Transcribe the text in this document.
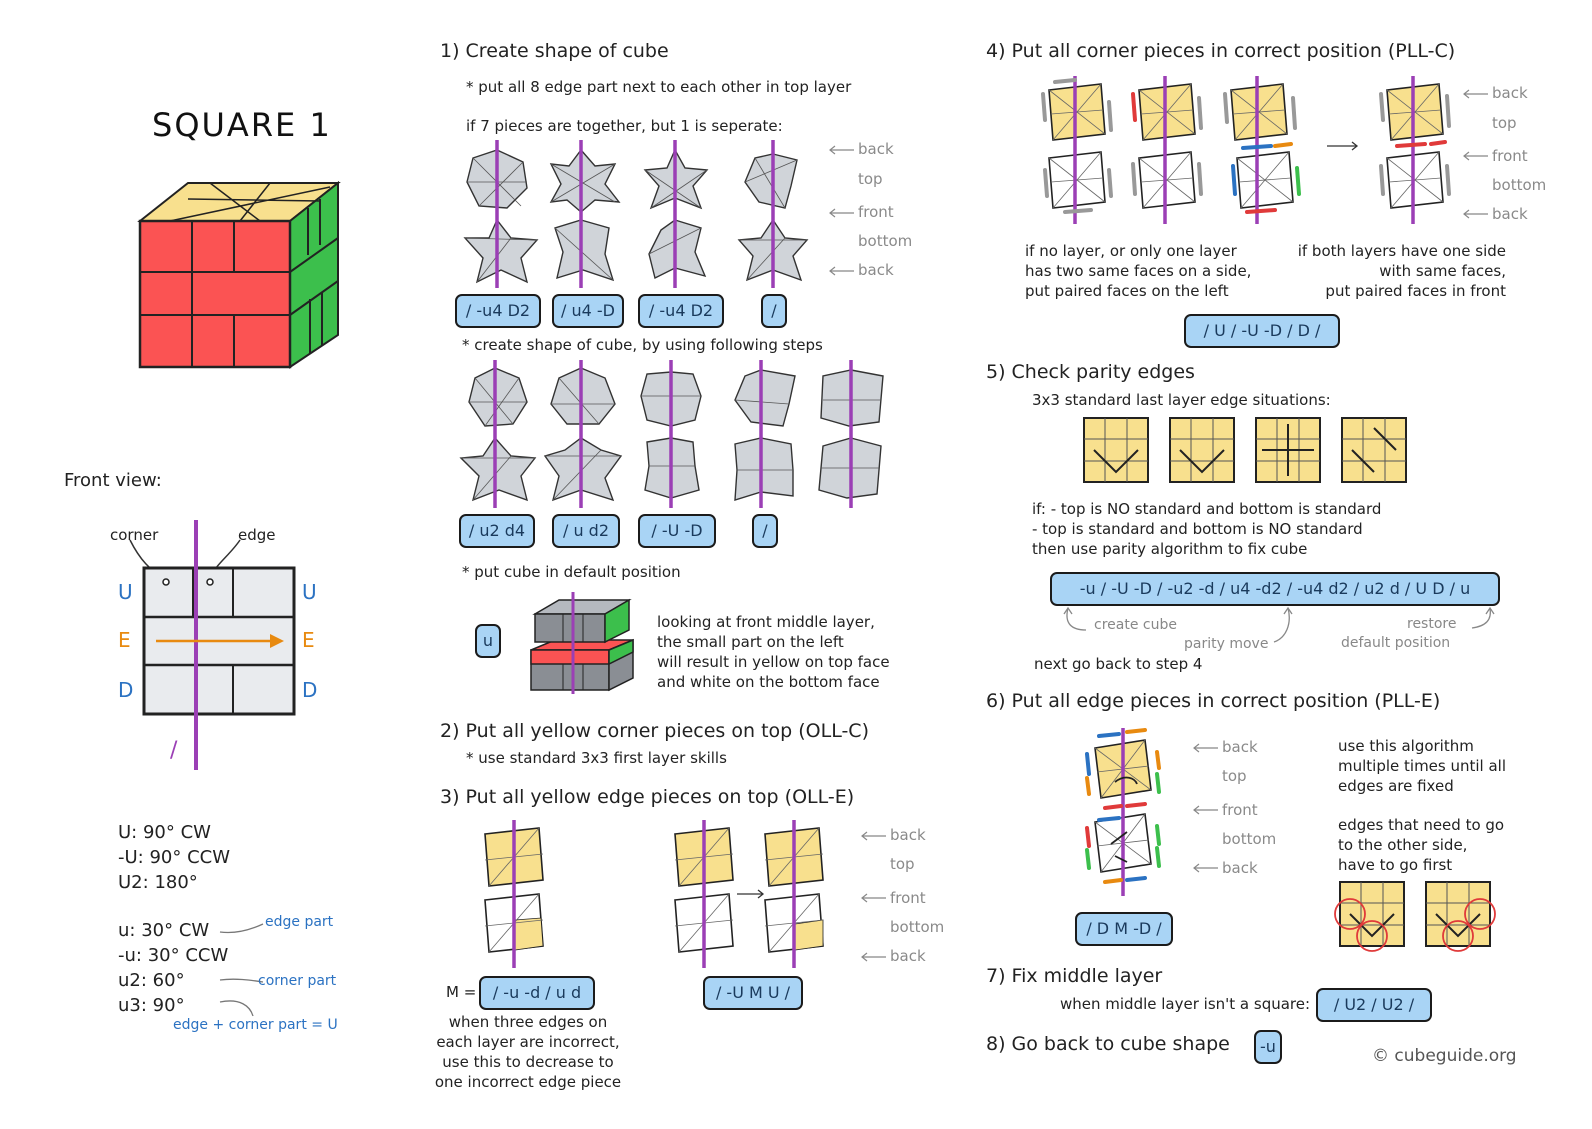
SQUARE 1
Front view:
corner	edge
U	U
E	E
D	D
/
U: 90° CW
-U: 90° CCW
U2: 180°
u: 30° CW
-u: 30° CCW
u2: 60°
u3: 90°
edge part
corner part
edge + corner part = U
1) Create shape of cube
* put all 8 edge part next to each other in top layer
if 7 pieces are together, but 1 is seperate:
back
top
front
bottom
back
/ -u4 D2	/ u4 -D	/ -u4 D2	/
* create shape of cube, by using following steps
/ u2 d4	/ u d2	/ -U -D	/
* put cube in default position
u
looking at front middle layer,
the small part on the left
will result in yellow on top face
and white on the bottom face
2) Put all yellow corner pieces on top (OLL-C)
* use standard 3x3 first layer skills
3) Put all yellow edge pieces on top (OLL-E)
back
top
front
bottom
back
M =	/ -u -d / u d	/ -U M U /
when three edges on
each layer are incorrect,
use this to decrease to
one incorrect edge piece
4) Put all corner pieces in correct position (PLL-C)
back
top
front
bottom
back
if no layer, or only one layer
has two same faces on a side,
put paired faces on the left
if both layers have one side
with same faces,
put paired faces in front
/ U / -U -D / D /
5) Check parity edges
3x3 standard last layer edge situations:
if: - top is NO standard and bottom is standard
- top is standard and bottom is NO standard
then use parity algorithm to fix cube
-u / -U -D / -u2 -d / u4 -d2 / -u4 d2 / u2 d / U D / u
create cube
parity move
restore
default position
next go back to step 4
6) Put all edge pieces in correct position (PLL-E)
back
top
front
bottom
back
use this algorithm
multiple times until all
edges are fixed
edges that need to go
to the other side,
have to go first
/ D M -D /
7) Fix middle layer
when middle layer isn't a square:	/ U2 / U2 /
8) Go back to cube shape	-u	© cubeguide.org
